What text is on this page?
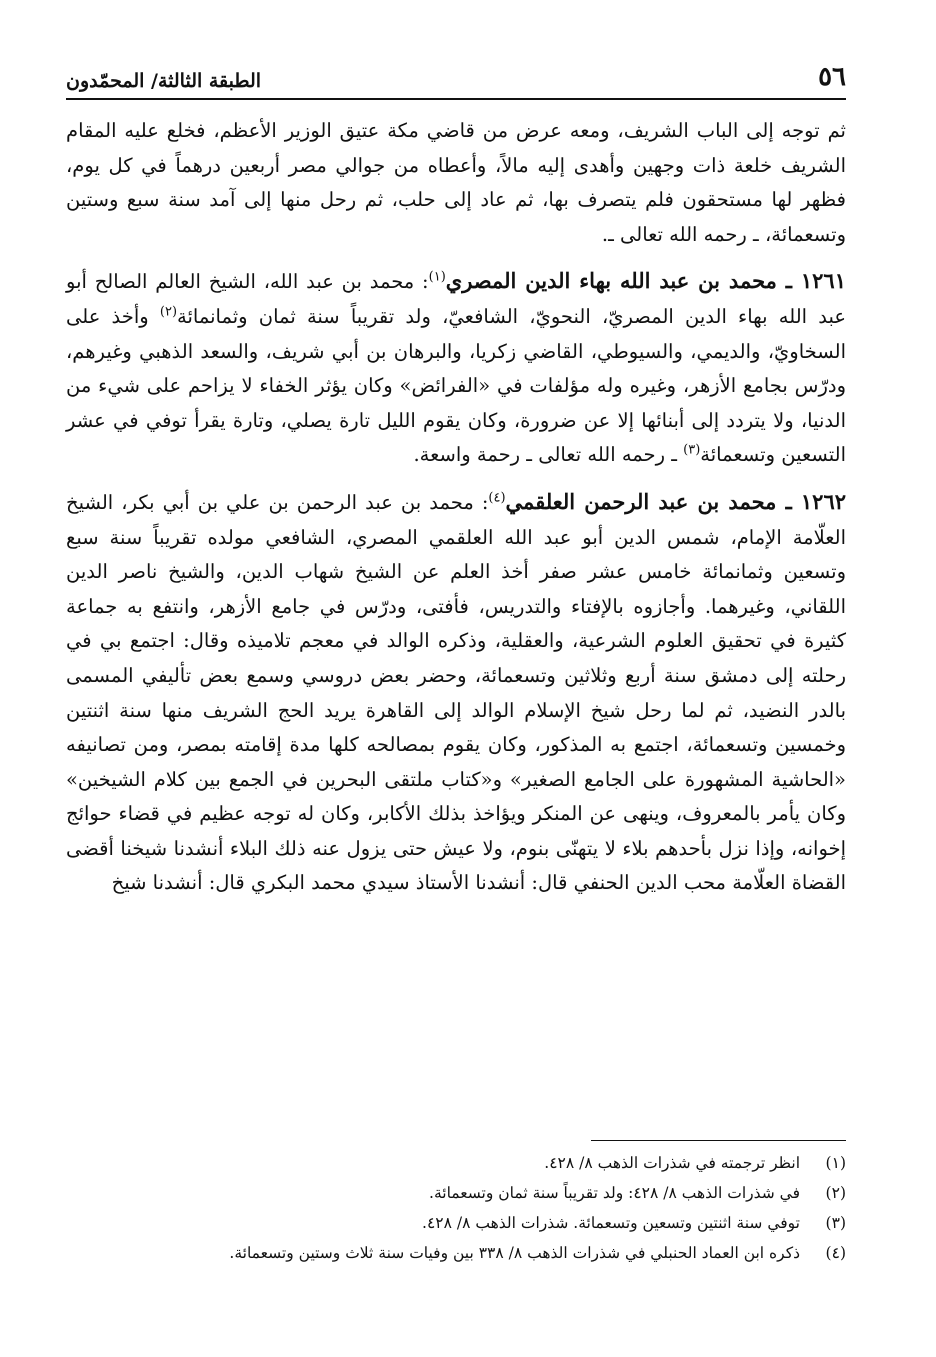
٥٦
الطبقة الثالثة/ المحمّدون

ثم توجه إلى الباب الشريف، ومعه عرض من قاضي مكة عتيق الوزير الأعظم، فخلع عليه المقام الشريف خلعة ذات وجهين وأهدى إليه مالاً، وأعطاه من جوالي مصر أربعين درهماً في كل يوم، فظهر لها مستحقون فلم يتصرف بها، ثم عاد إلى حلب، ثم رحل منها إلى آمد سنة سبع وستين وتسعمائة، ـ رحمه الله تعالى ـ.

١٢٦١ ـ محمد بن عبد الله بهاء الدين المصري$^{(١)}$: محمد بن عبد الله، الشيخ العالم الصالح أبو عبد الله بهاء الدين المصريّ، النحويّ، الشافعيّ، ولد تقريباً سنة ثمان وثمانمائة$^{(٢)}$ وأخذ على السخاويّ، والديمي، والسيوطي، القاضي زكريا، والبرهان بن أبي شريف، والسعد الذهبي وغيرهم، ودرّس بجامع الأزهر، وغيره وله مؤلفات في «الفرائض» وكان يؤثر الخفاء لا يزاحم على شيء من الدنيا، ولا يتردد إلى أبنائها إلا عن ضرورة، وكان يقوم الليل تارة يصلي، وتارة يقرأ توفي في عشر التسعين وتسعمائة$^{(٣)}$ ـ رحمه الله تعالى ـ رحمة واسعة.

١٢٦٢ ـ محمد بن عبد الرحمن العلقمي$^{(٤)}$: محمد بن عبد الرحمن بن علي بن أبي بكر، الشيخ العلّامة الإمام، شمس الدين أبو عبد الله العلقمي المصري، الشافعي مولده تقريباً سنة سبع وتسعين وثمانمائة خامس عشر صفر أخذ العلم عن الشيخ شهاب الدين، والشيخ ناصر الدين اللقاني، وغيرهما. وأجازوه بالإفتاء والتدريس، فأفتى، ودرّس في جامع الأزهر، وانتفع به جماعة كثيرة في تحقيق العلوم الشرعية، والعقلية، وذكره الوالد في معجم تلاميذه وقال: اجتمع بي في رحلته إلى دمشق سنة أربع وثلاثين وتسعمائة، وحضر بعض دروسي وسمع بعض تأليفي المسمى بالدر النضيد، ثم لما رحل شيخ الإسلام الوالد إلى القاهرة يريد الحج الشريف منها سنة اثنتين وخمسين وتسعمائة، اجتمع به المذكور، وكان يقوم بمصالحه كلها مدة إقامته بمصر، ومن تصانيفه «الحاشية المشهورة على الجامع الصغير» و«كتاب ملتقى البحرين في الجمع بين كلام الشيخين» وكان يأمر بالمعروف، وينهى عن المنكر ويؤاخذ بذلك الأكابر، وكان له توجه عظيم في قضاء حوائج إخوانه، وإذا نزل بأحدهم بلاء لا يتهنّى بنوم، ولا عيش حتى يزول عنه ذلك البلاء أنشدنا شيخنا أقضى القضاة العلّامة محب الدين الحنفي قال: أنشدنا الأستاذ سيدي محمد البكري قال: أنشدنا شيخ

(١)
انظر ترجمته في شذرات الذهب ٨/ ٤٢٨.
(٢)
في شذرات الذهب ٨/ ٤٢٨: ولد تقريباً سنة ثمان وتسعمائة.
(٣)
توفي سنة اثنتين وتسعين وتسعمائة. شذرات الذهب ٨/ ٤٢٨.
(٤)
ذكره ابن العماد الحنبلي في شذرات الذهب ٨/ ٣٣٨ بين وفيات سنة ثلاث وستين وتسعمائة.
